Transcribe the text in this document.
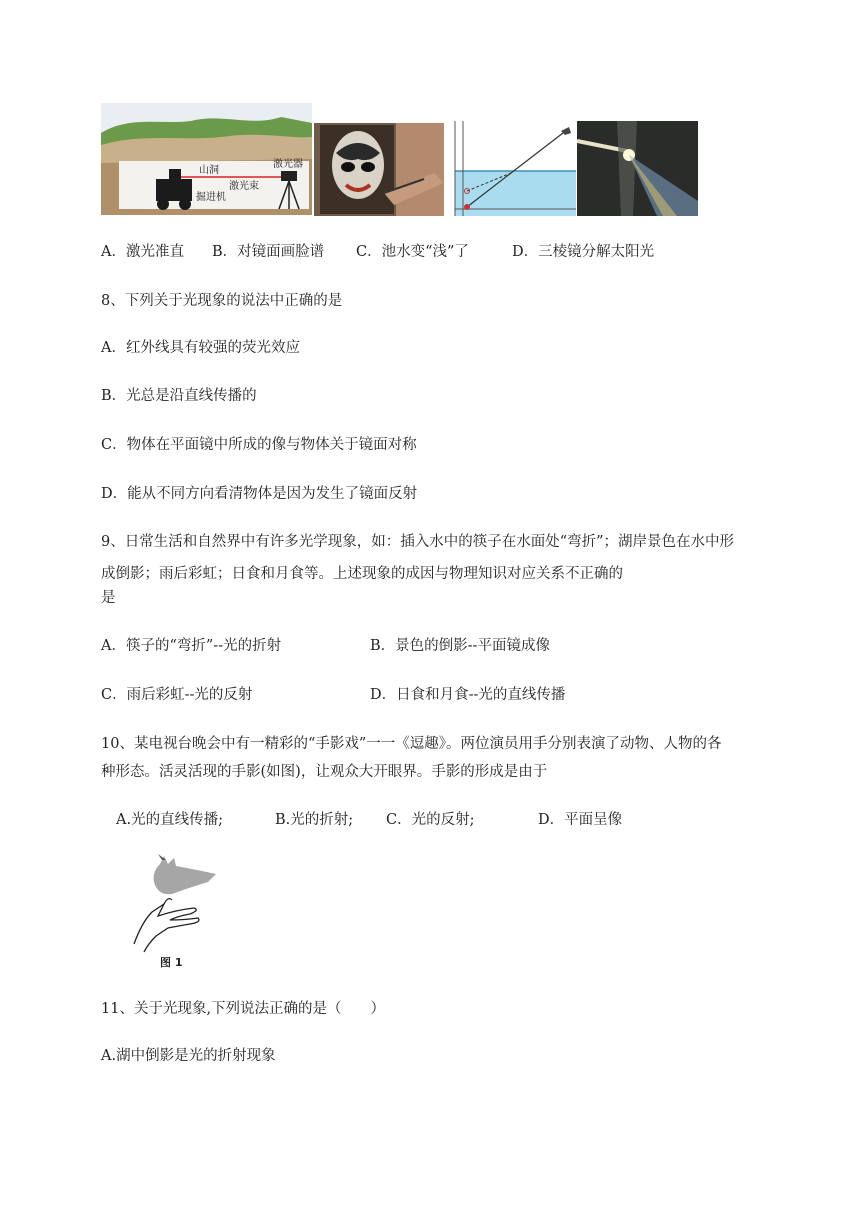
山洞
激光器
激光束
掘进机
A．激光准直 B．对镜面画脸谱 C．池水变“浅”了	D．三棱镜分解太阳光
8、下列关于光现象的说法中正确的是
A．红外线具有较强的荧光效应
B．光总是沿直线传播的
C．物体在平面镜中所成的像与物体关于镜面对称
D．能从不同方向看清物体是因为发生了镜面反射
9、日常生活和自然界中有许多光学现象，如：插入水中的筷子在水面处“弯折”；湖岸景色在水中形
成倒影；雨后彩虹；日食和月食等。上述现象的成因与物理知识对应关系不正确的
是
A．筷子的“弯折”--光的折射	B．景色的倒影--平面镜成像
C．雨后彩虹--光的反射	D．日食和月食--光的直线传播
10、某电视台晚会中有一精彩的“手影戏”一一《逗趣》。两位演员用手分别表演了动物、人物的各
种形态。活灵活现的手影(如图)，让观众大开眼界。手影的形成是由于
A.光的直线传播;	B.光的折射; C．光的反射;	D．平面呈像
图 1
11、关于光现象,下列说法正确的是（　　）
A.湖中倒影是光的折射现象
